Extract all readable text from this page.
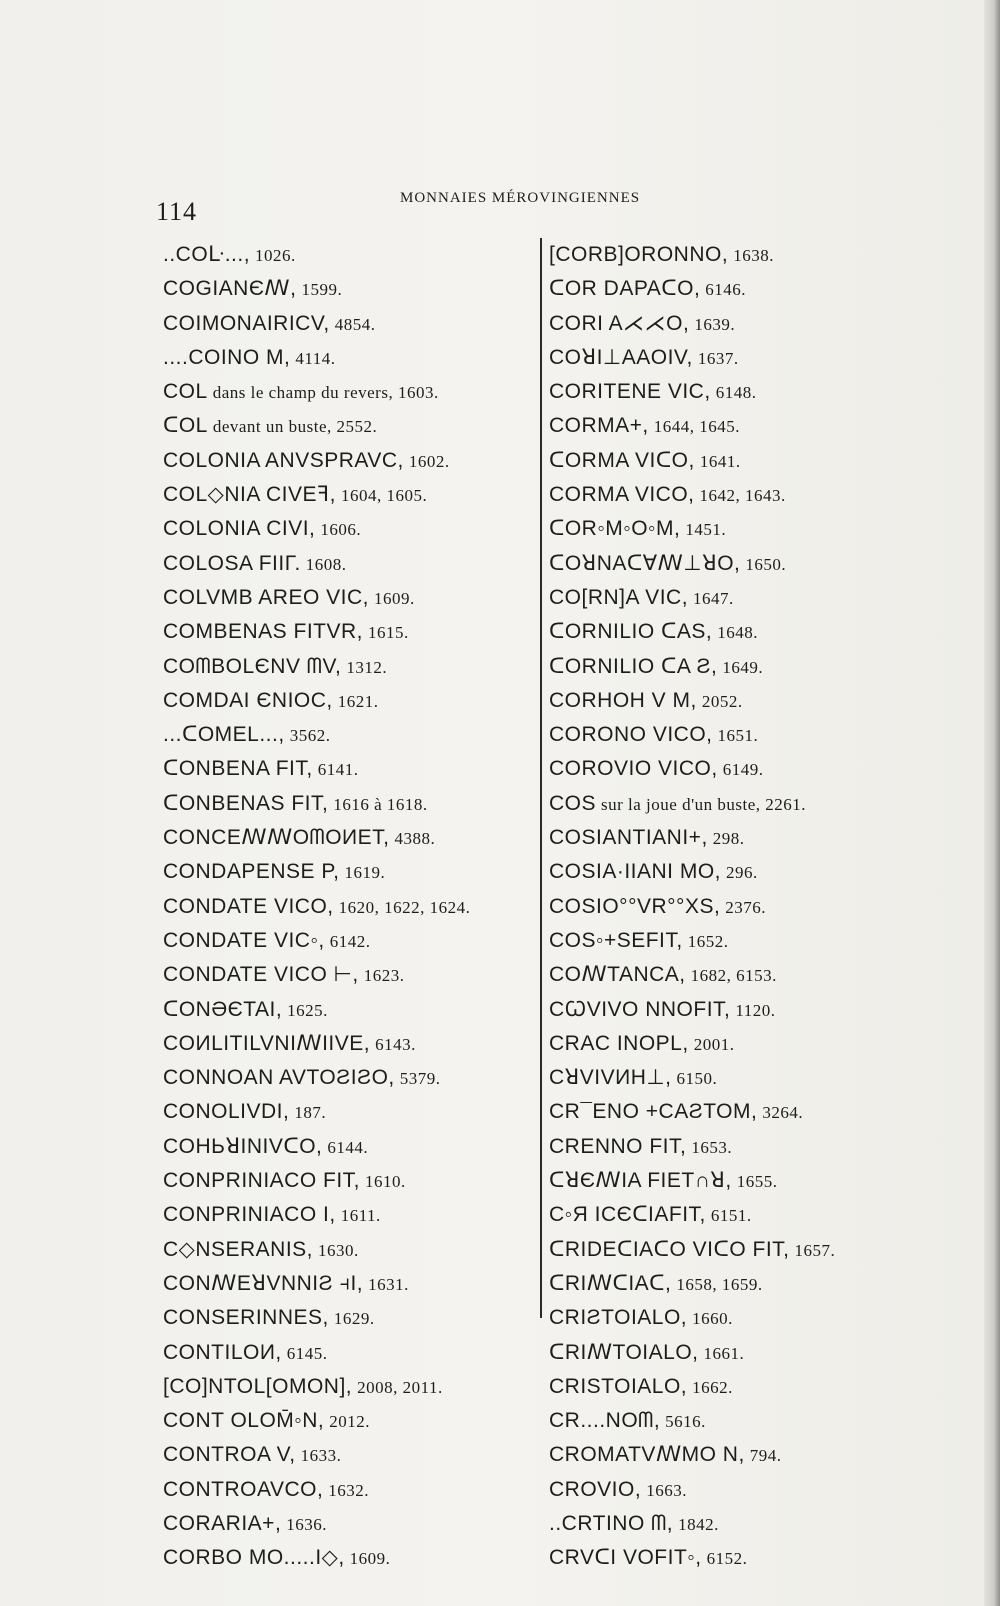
114	MONNAIES MÉROVINGIENNES
..COᒷ..., 1026.
COGIANЄꟿ, 1599.
COIMONAIRICV, 4854.
....COINO M, 4114.
COL dans le champ du revers, 1603.
ᑕOL devant un buste, 2552.
COLONIA ANVSPRAVC, 1602.
COL◇NIA CIVEꟻ, 1604, 1605.
COLONIA CIVI, 1606.
COLOSA FIIΓ. 1608.
COLVMB AREO VIC, 1609.
COMBENAS FITVR, 1615.
COᗰBOLЄNV ᗰV, 1312.
COMDAI ЄNIOC, 1621.
...ᑕOMEL..., 3562.
ᑕONBENA FIT, 6141.
ᑕONBENAS FIT, 1616 à 1618.
CONCEꟿꟿOᗰOИET, 4388.
CONDAPENSE P, 1619.
CONDATE VICO, 1620, 1622, 1624.
CONDATE VIC◦, 6142.
CONDATE VICO ⊢, 1623.
ᑕONƏЄTAI, 1625.
COИLITILVNIꟿIIVE, 6143.
CONNOAN AVTOƧIƧO, 5379.
CONOLIVDI, 187.
COHЬꓤINIVᑕO, 6144.
CONPRINIACO FIT, 1610.
CONPRINIACO I, 1611.
C◇NSERANIS, 1630.
CONꟿEꓤVNNIƧ ⫞I, 1631.
CONSERINNES, 1629.
CONTILOИ, 6145.
[CO]NTOL[OMON], 2008, 2011.
CONT OLOM̄◦N, 2012.
CONTROA V, 1633.
CONTROAVCO, 1632.
CORARIA+, 1636.
CORBO MO.....I◇, 1609.
[CORB]ORONNO, 1638.
ᑕOR DAPAᑕO, 6146.
CORI A⋌⋌O, 1639.
COꓤI⊥AAOIV, 1637.
CORITENE VIC, 6148.
CORMA+, 1644, 1645.
ᑕORMA VIᑕO, 1641.
CORMA VICO, 1642, 1643.
ᑕOR◦M◦O◦M, 1451.
ᑕOꓤNAᑕⱯꟿ⊥ꓤO, 1650.
CO[RN]A VIC, 1647.
ᑕORNILIO ᑕAS, 1648.
ᑕORNILIO ᑕA Ƨ, 1649.
CORHOH V M, 2052.
CORONO VICO, 1651.
COROVIO VICO, 6149.
COS sur la joue d'un buste, 2261.
COSIANTIANI+, 298.
COSIA·IIANI MO, 296.
COSIO°°VR°°XS, 2376.
COS◦+SEFIT, 1652.
COꟿTANCA, 1682, 6153.
CꞶVIVO NNOFIT, 1120.
CRAC INOPL, 2001.
CꓤVIVИH⊥, 6150.
CR¯ENO +CAƧTOM, 3264.
CRENNO FIT, 1653.
ᑕꓤЄꟿIA FIET∩ꓤ, 1655.
C◦Я ICЄᑕIAFIT, 6151.
ᑕRIDEᑕIAᑕO VIᑕO FIT, 1657.
ᑕRIꟿᑕIAᑕ, 1658, 1659.
CRIƧTOIALO, 1660.
ᑕRIꟿTOIALO, 1661.
CRISTOIALO, 1662.
CR....NOᗰ, 5616.
CROMATVꟿMO N, 794.
CROVIO, 1663.
..CRTINO ᗰ, 1842.
CRVᑕI VOFIT◦, 6152.
